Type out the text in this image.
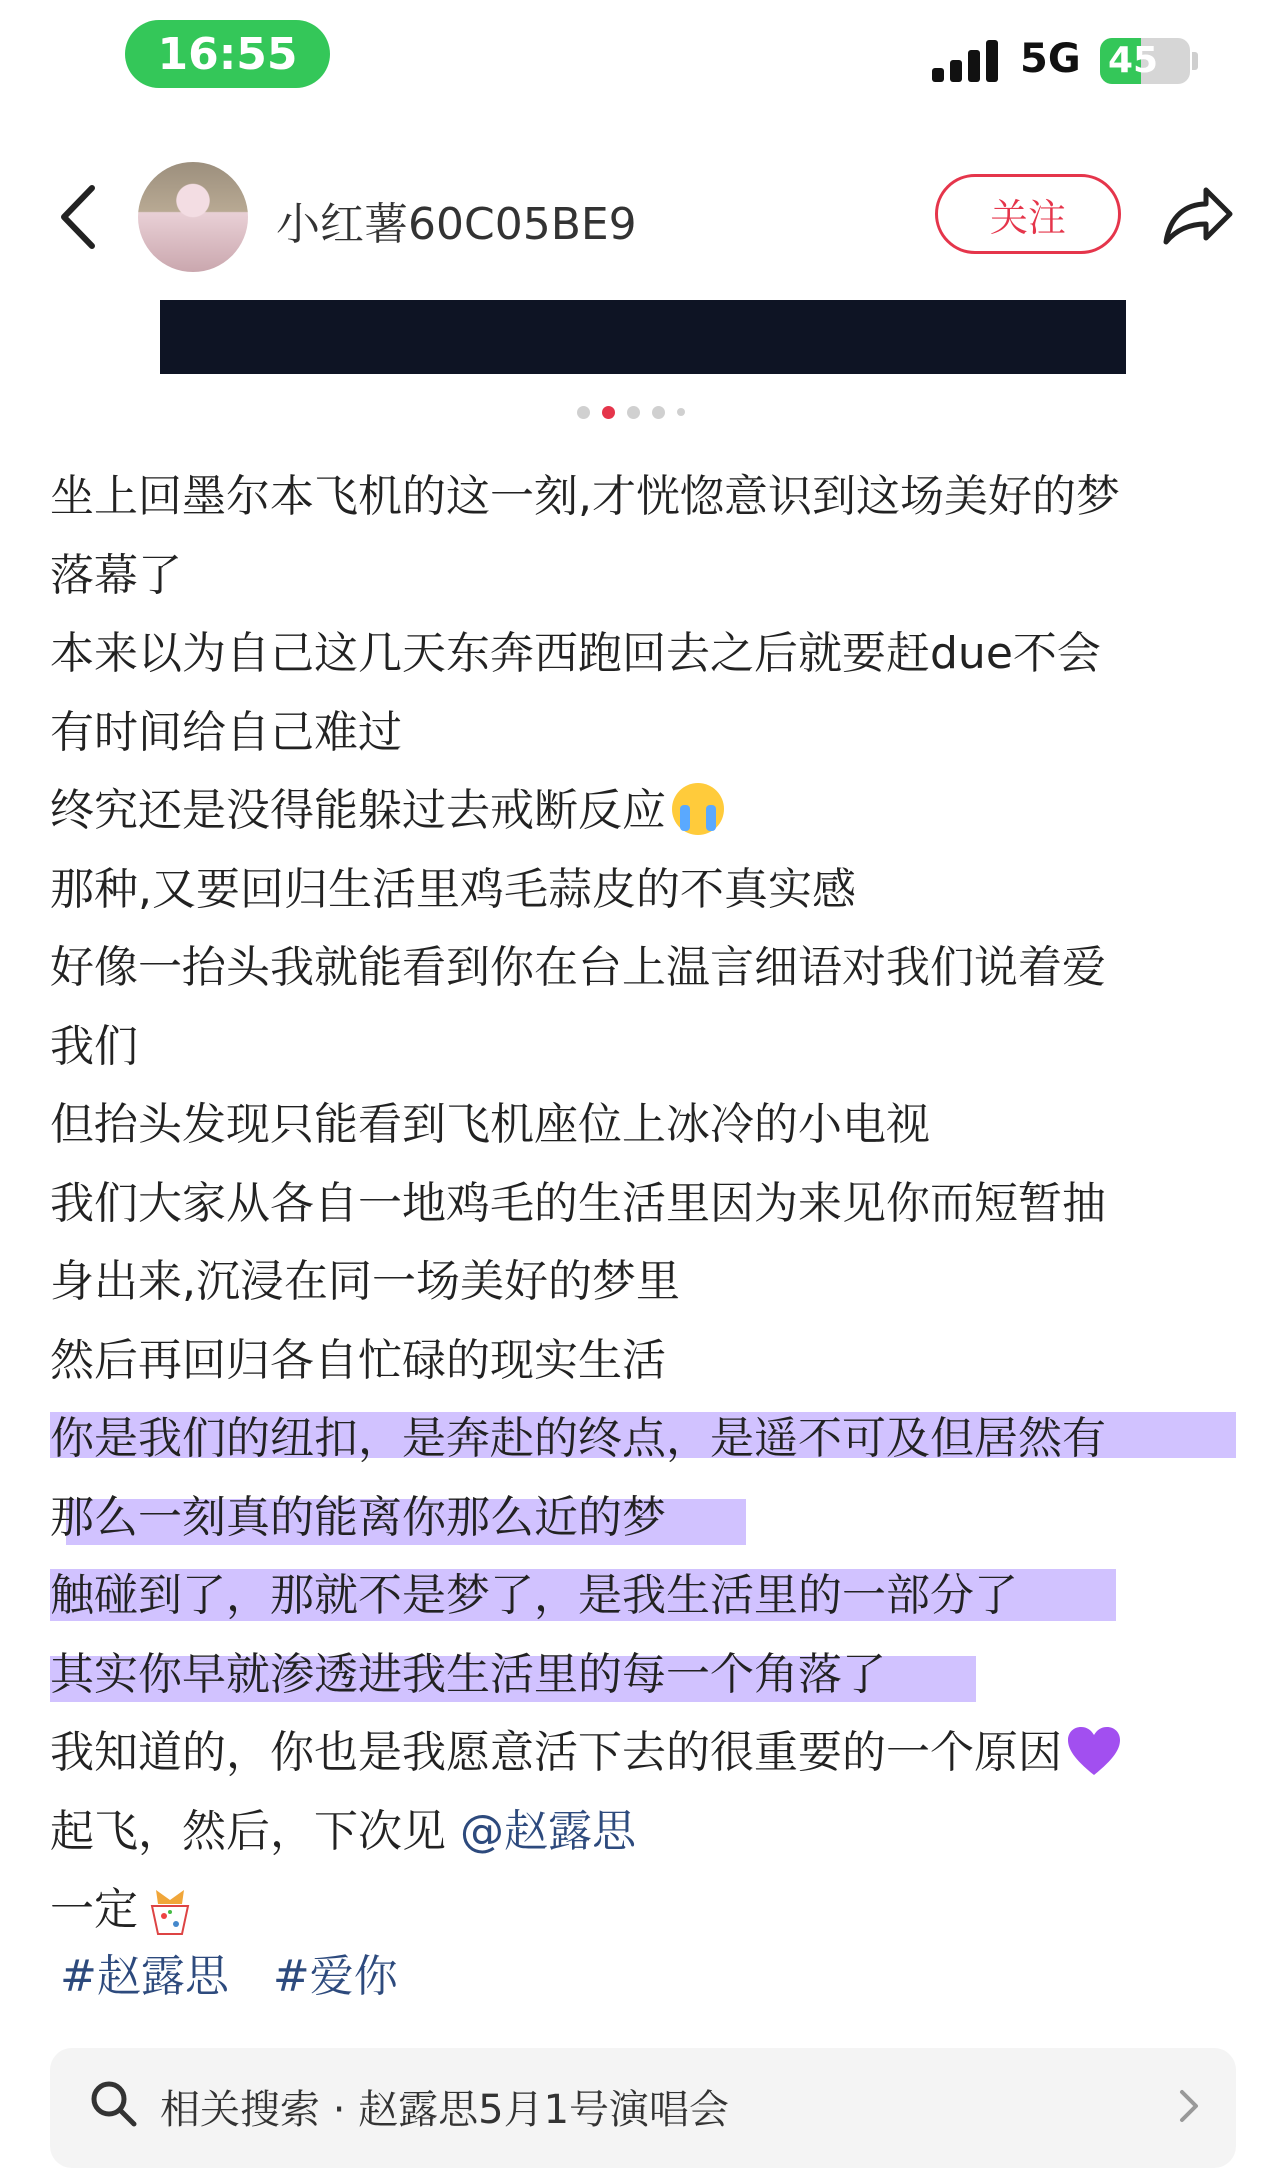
16:55	5G 45
小红薯60C05BE9	关注
坐上回墨尔本飞机的这一刻,才恍惚意识到这场美好的梦
落幕了
本来以为自己这几天东奔西跑回去之后就要赶due不会
有时间给自己难过
终究还是没得能躲过去戒断反应
那种,又要回归生活里鸡毛蒜皮的不真实感
好像一抬头我就能看到你在台上温言细语对我们说着爱
我们
但抬头发现只能看到飞机座位上冰冷的小电视
我们大家从各自一地鸡毛的生活里因为来见你而短暂抽
身出来,沉浸在同一场美好的梦里
然后再回归各自忙碌的现实生活
你是我们的纽扣，是奔赴的终点，是遥不可及但居然有
那么一刻真的能离你那么近的梦
触碰到了，那就不是梦了，是我生活里的一部分了
其实你早就渗透进我生活里的每一个角落了
我知道的，你也是我愿意活下去的很重要的一个原因
起飞，然后，下次见 @赵露思
一定
#赵露思 #爱你
相关搜索 · 赵露思5月1号演唱会
